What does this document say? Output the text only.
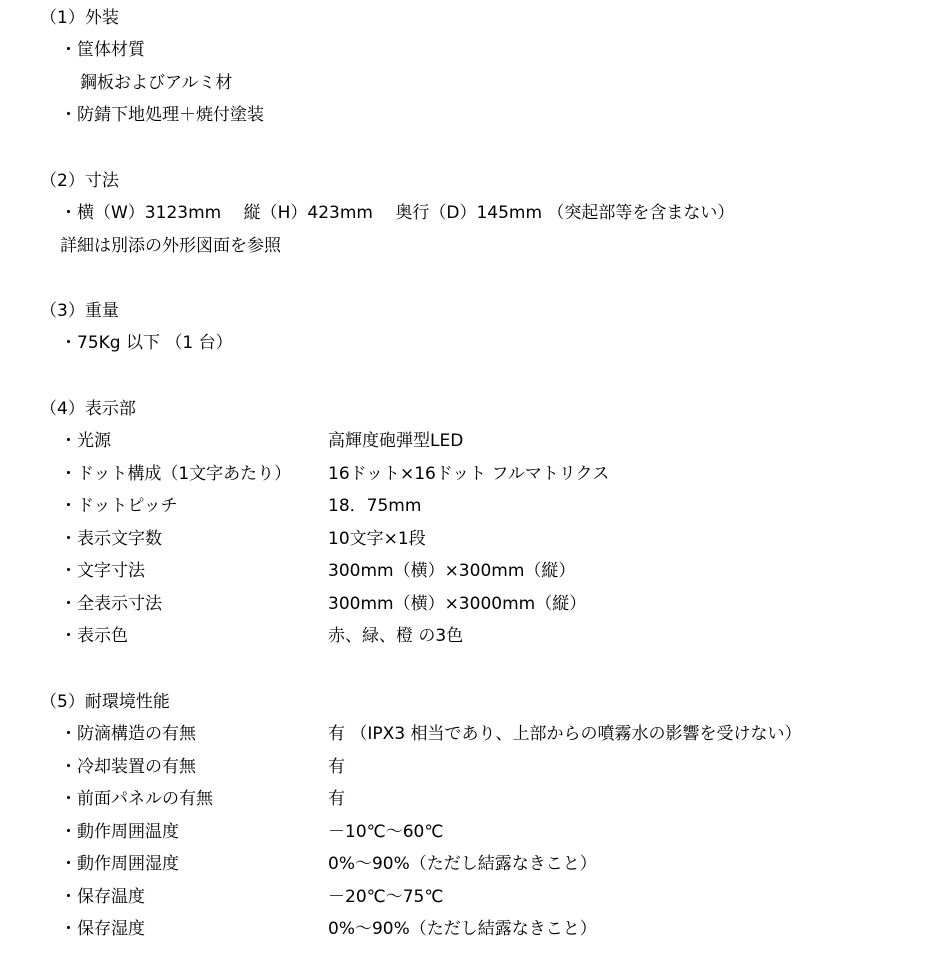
（1）外装
・筐体材質
鋼板およびアルミ材
・防錆下地処理＋焼付塗装
（2）寸法
・横（W）3123mm　 縦（H）423mm　 奥行（D）145mm （突起部等を含まない）
詳細は別添の外形図面を参照
（3）重量
・75Kg 以下 （1 台）
（4）表示部
・光源	高輝度砲弾型LED
・ドット構成（1文字あたり） 16ドット×16ドット フルマトリクス
・ドットピッチ	18．75mm
・表示文字数	10文字×1段
・文字寸法	300mm（横）×300mm（縦）
・全表示寸法	300mm（横）×3000mm（縦）
・表示色	赤、緑、橙 の3色
（5）耐環境性能
・防滴構造の有無	有 （IPX3 相当であり、上部からの噴霧水の影響を受けない）
・冷却装置の有無	有
・前面パネルの有無	有
・動作周囲温度	－10℃～60℃
・動作周囲湿度	0%～90%（ただし結露なきこと）
・保存温度	－20℃～75℃
・保存湿度	0%～90%（ただし結露なきこと）
